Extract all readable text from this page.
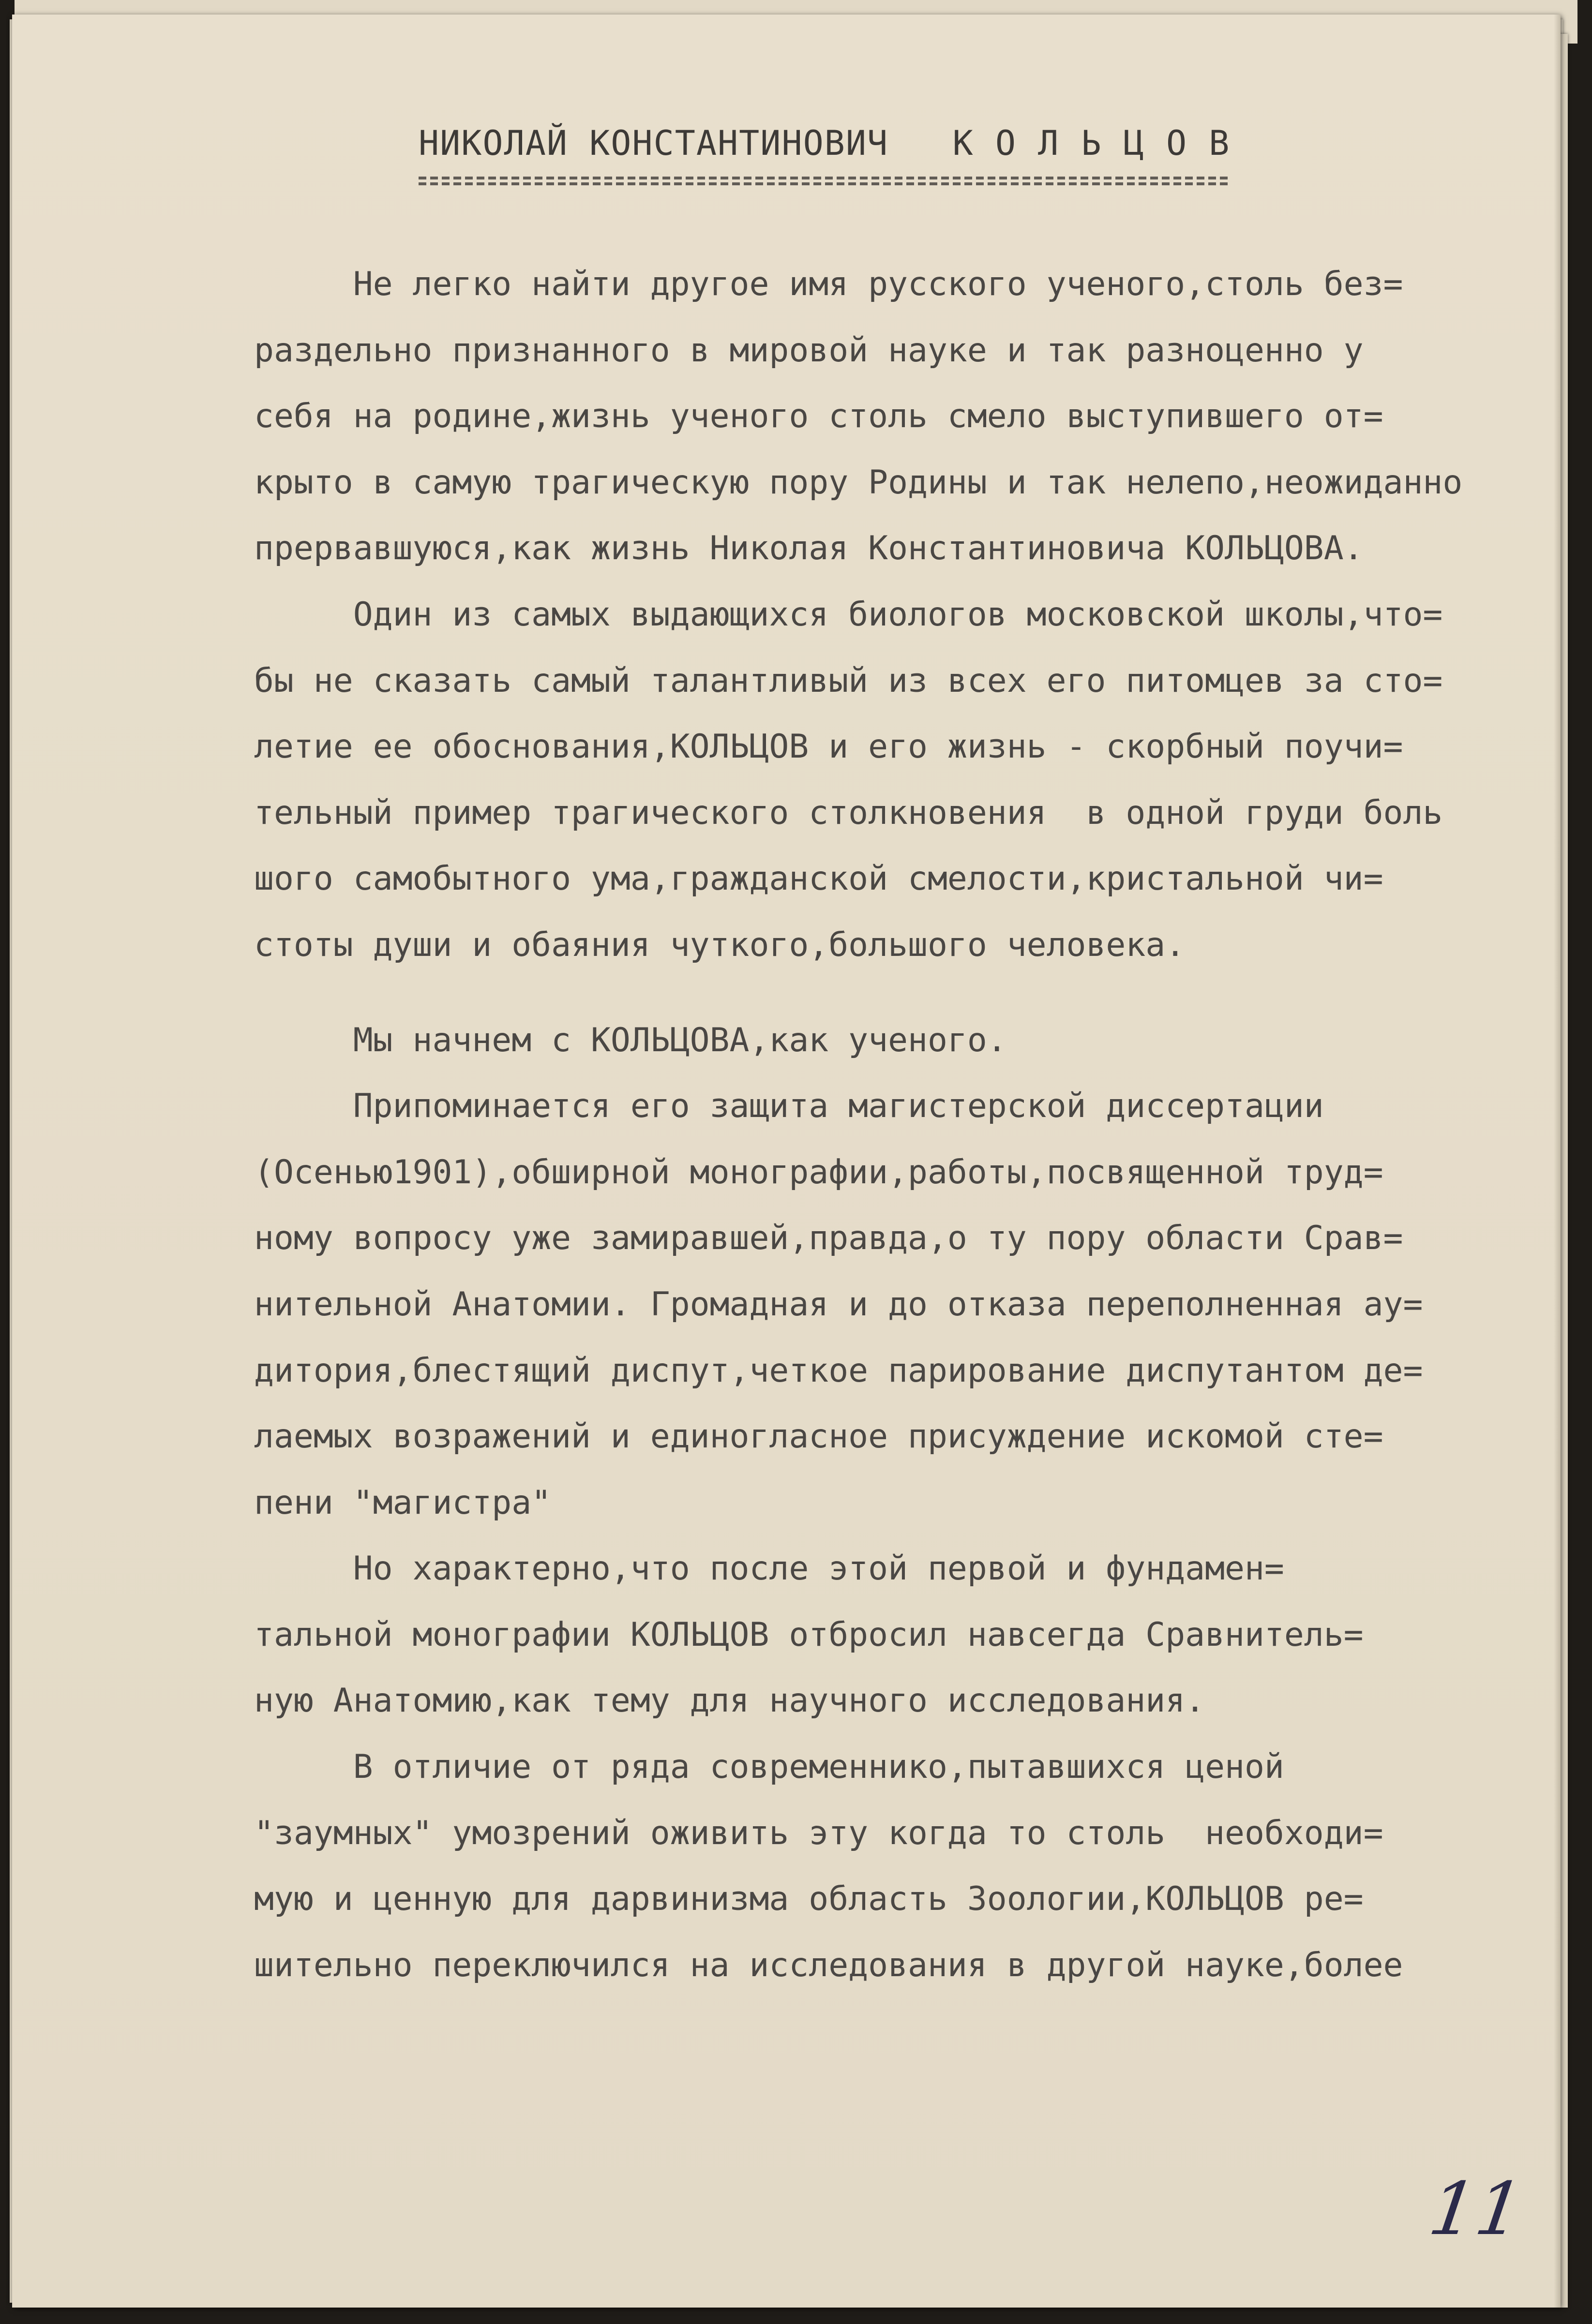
НИКОЛАЙ КОНСТАНТИНОВИЧ   К О Л Ь Ц О В
Не легко найти другое имя русского ученого,столь без=
раздельно признанного в мировой науке и так разноценно у
себя на родине,жизнь ученого столь смело выступившего от=
крыто в самую трагическую пору Родины и так нелепо,неожиданно
прервавшуюся,как жизнь Николая Константиновича КОЛЬЦОВА.
Один из самых выдающихся биологов московской школы,что=
бы не сказать самый талантливый из всех его питомцев за сто=
летие ее обоснования,КОЛЬЦОВ и его жизнь - скорбный поучи=
тельный пример трагического столкновения  в одной груди боль
шого самобытного ума,гражданской смелости,кристальной чи=
стоты души и обаяния чуткого,большого человека.
Мы начнем с КОЛЬЦОВА,как ученого.
Припоминается его защита магистерской диссертации
(Осенью1901),обширной монографии,работы,посвященной труд=
ному вопросу уже замиравшей,правда,о ту пору области Срав=
нительной Анатомии. Громадная и до отказа переполненная ау=
дитория,блестящий диспут,четкое парирование диспутантом де=
лаемых возражений и единогласное присуждение искомой сте=
пени "магистра"
Но характерно,что после этой первой и фундамен=
тальной монографии КОЛЬЦОВ отбросил навсегда Сравнитель=
ную Анатомию,как тему для научного исследования.
В отличие от ряда современнико,пытавшихся ценой
"заумных" умозрений оживить эту когда то столь  необходи=
мую и ценную для дарвинизма область Зоологии,КОЛЬЦОВ ре=
шительно переключился на исследования в другой науке,более
11
